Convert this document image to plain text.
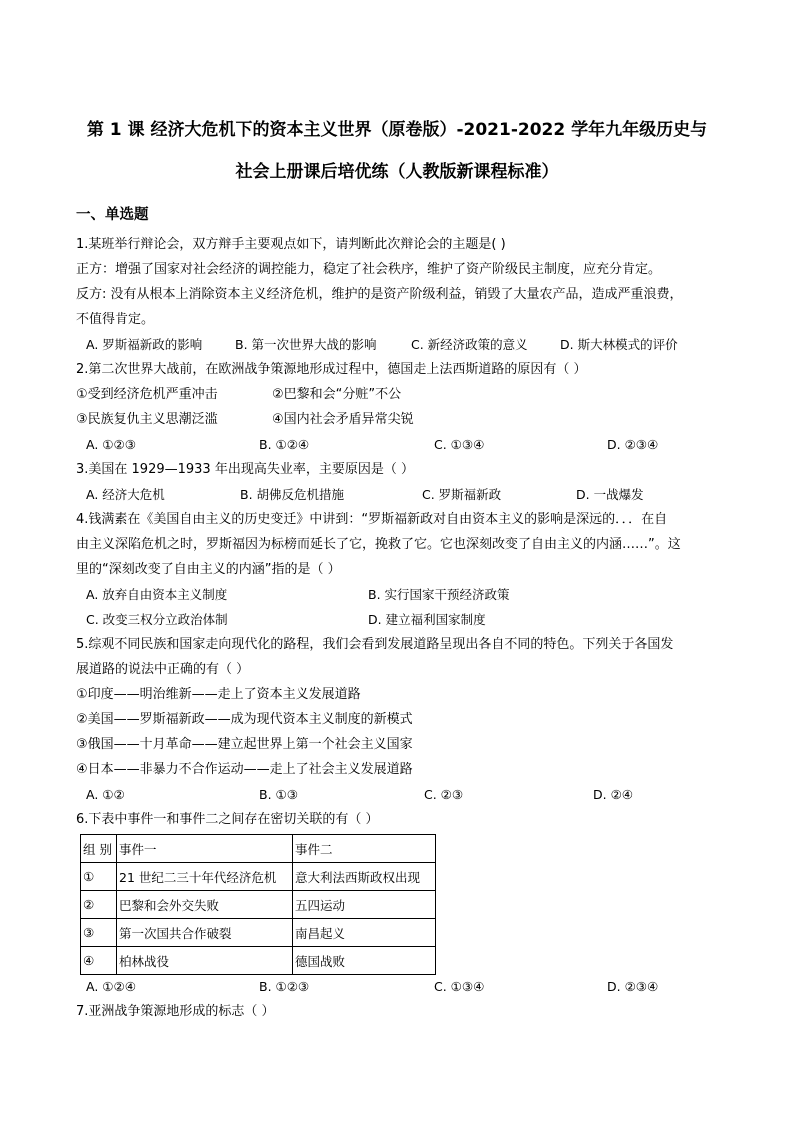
第 1 课 经济大危机下的资本主义世界（原卷版）-2021-2022 学年九年级历史与
社会上册课后培优练（人教版新课程标准）
一、单选题
1.某班举行辩论会，双方辩手主要观点如下，请判断此次辩论会的主题是( )
正方：增强了国家对社会经济的调控能力，稳定了社会秩序，维护了资产阶级民主制度，应充分肯定。
反方: 没有从根本上消除资本主义经济危机，维护的是资产阶级利益，销毁了大量农产品，造成严重浪费，
不值得肯定。
A. 罗斯福新政的影响	B. 第一次世界大战的影响	C. 新经济政策的意义	D. 斯大林模式的评价
2.第二次世界大战前，在欧洲战争策源地形成过程中，德国走上法西斯道路的原因有（ ）
①受到经济危机严重冲击	②巴黎和会“分赃”不公
③民族复仇主义思潮泛滥	④国内社会矛盾异常尖锐
A. ①②③	B. ①②④	C. ①③④	D. ②③④
3.美国在 1929—1933 年出现高失业率，主要原因是（ ）
A. 经济大危机	B. 胡佛反危机措施	C. 罗斯福新政	D. 一战爆发
4.钱满素在《美国自由主义的历史变迁》中讲到：“罗斯福新政对自由资本主义的影响是深远的．．．在自
由主义深陷危机之时，罗斯福因为标榜而延长了它，挽救了它。它也深刻改变了自由主义的内涵……”。这
里的“深刻改变了自由主义的内涵”指的是（ ）
A. 放弃自由资本主义制度	B. 实行国家干预经济政策
C. 改变三权分立政治体制	D. 建立福利国家制度
5.综观不同民族和国家走向现代化的路程，我们会看到发展道路呈现出各自不同的特色。下列关于各国发
展道路的说法中正确的有（ ）
①印度——明治维新——走上了资本主义发展道路
②美国——罗斯福新政——成为现代资本主义制度的新模式
③俄国——十月革命——建立起世界上第一个社会主义国家
④日本——非暴力不合作运动——走上了社会主义发展道路
A. ①②	B. ①③	C. ②③	D. ②④
6.下表中事件一和事件二之间存在密切关联的有（ ）
组 别	事件一	事件二
①	21 世纪二三十年代经济危机	意大利法西斯政权出现
②	巴黎和会外交失败	五四运动
③	第一次国共合作破裂	南昌起义
④	柏林战役	德国战败
A. ①②④	B. ①②③	C. ①③④	D. ②③④
7.亚洲战争策源地形成的标志（ ）
